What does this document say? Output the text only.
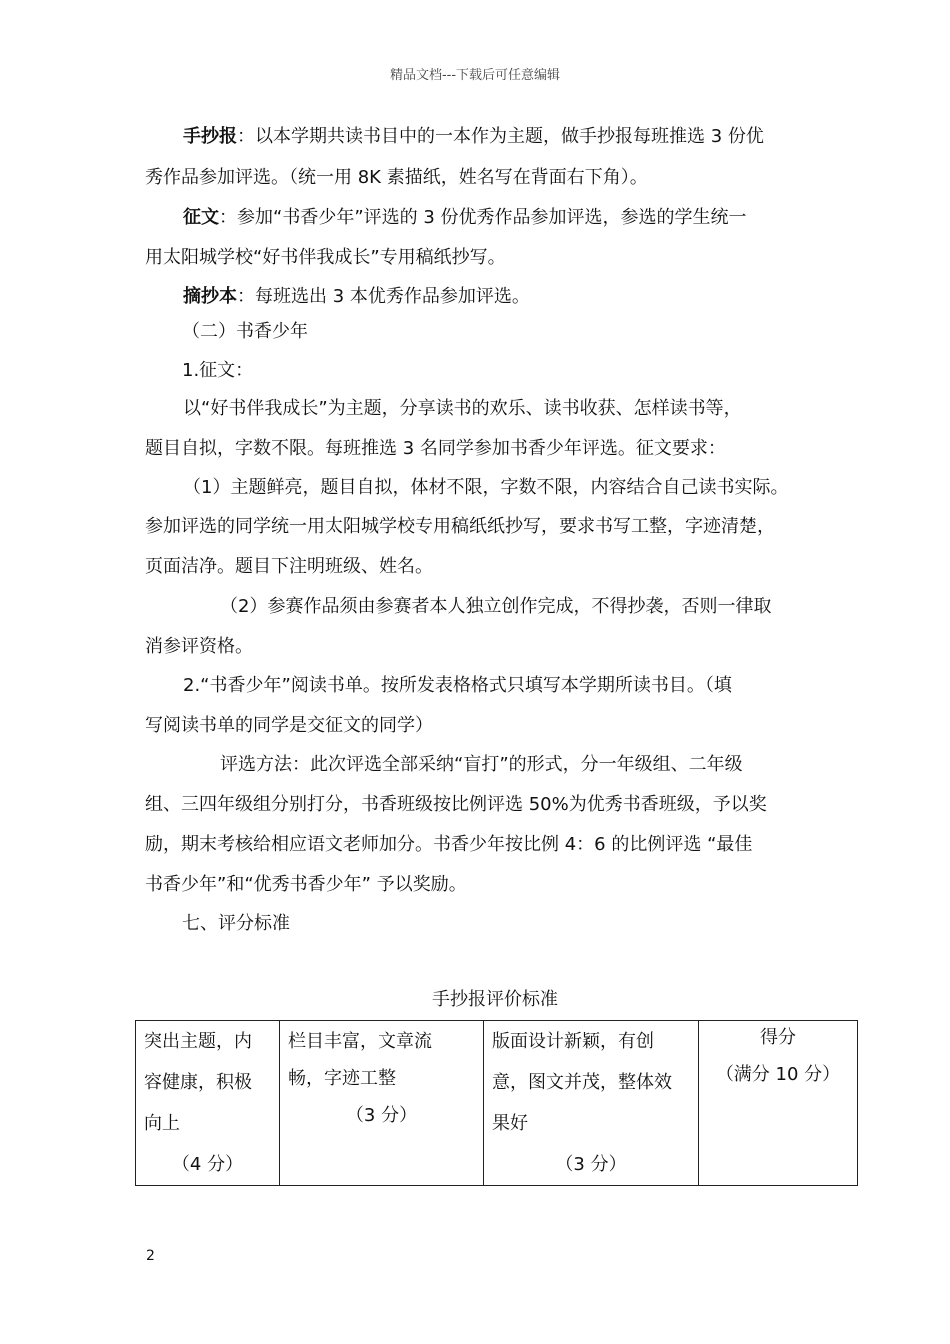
精品文档---下载后可任意编辑
手抄报：以本学期共读书目中的一本作为主题，做手抄报每班推选 3 份优
秀作品参加评选。（统一用 8K 素描纸，姓名写在背面右下角）。
征文：参加“书香少年”评选的 3 份优秀作品参加评选，参选的学生统一
用太阳城学校“好书伴我成长”专用稿纸抄写。
摘抄本：每班选出 3 本优秀作品参加评选。
（二）书香少年
1.征文：
以“好书伴我成长”为主题，分享读书的欢乐、读书收获、怎样读书等，
题目自拟，字数不限。每班推选 3 名同学参加书香少年评选。征文要求：
（1）主题鲜亮，题目自拟，体材不限，字数不限，内容结合自己读书实际。
参加评选的同学统一用太阳城学校专用稿纸纸抄写，要求书写工整，字迹清楚，
页面洁净。题目下注明班级、姓名。
（2）参赛作品须由参赛者本人独立创作完成，不得抄袭，否则一律取
消参评资格。
2.“书香少年”阅读书单。按所发表格格式只填写本学期所读书目。（填
写阅读书单的同学是交征文的同学）
评选方法：此次评选全部采纳“盲打”的形式，分一年级组、二年级
组、三四年级组分别打分，书香班级按比例评选 50%为优秀书香班级，予以奖
励，期末考核给相应语文老师加分。书香少年按比例 4：6 的比例评选 “最佳
书香少年”和“优秀书香少年” 予以奖励。
七、评分标准
手抄报评价标准
突出主题，内
容健康，积极
向上
（4 分）

栏目丰富，文章流
畅，字迹工整
（3 分）

版面设计新颖，有创
意，图文并茂，整体效
果好
（3 分）

得分
（满分 10 分）
2
